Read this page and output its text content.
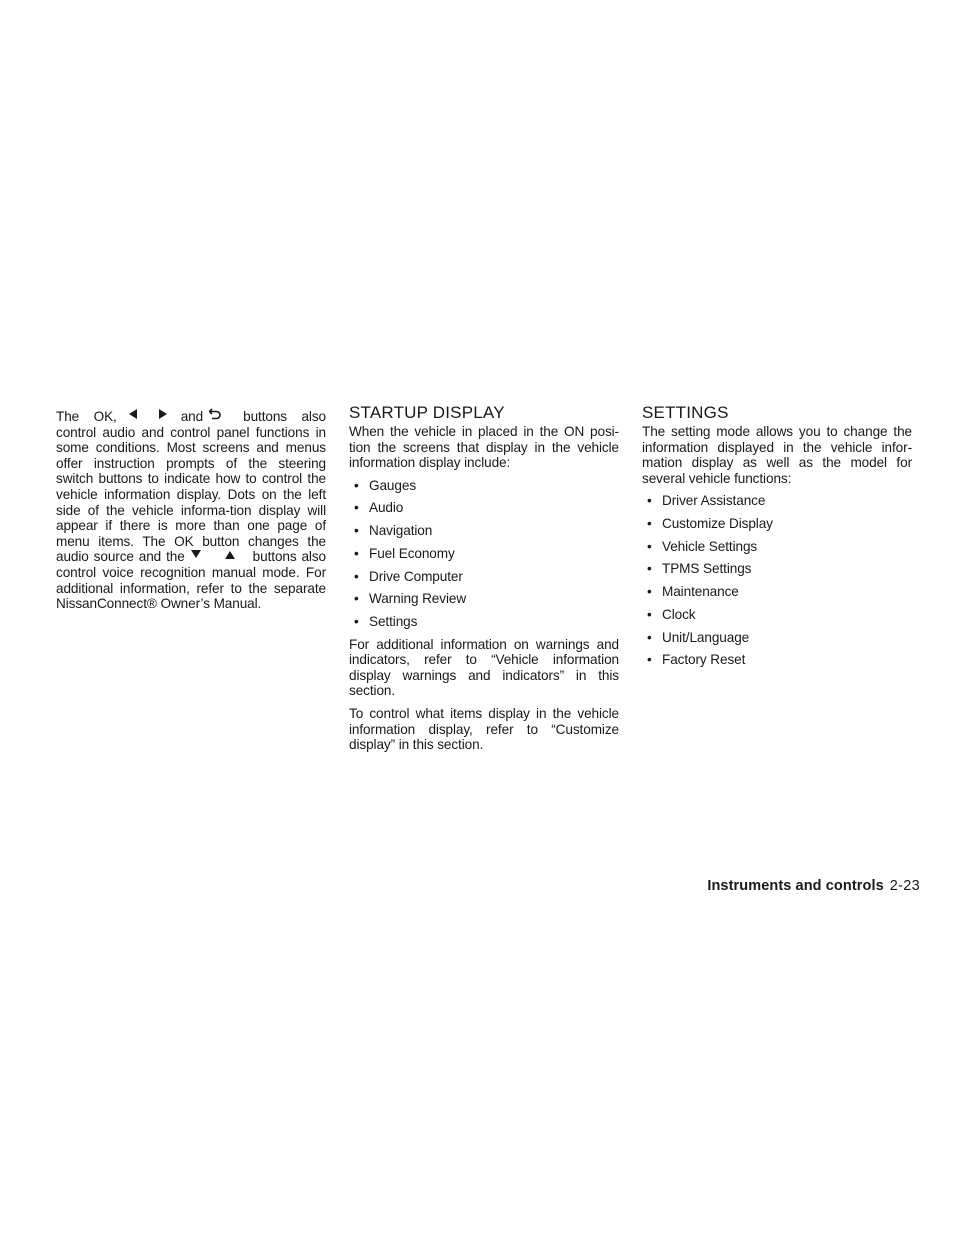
The OK,	and	buttons also control audio and control panel functions in some conditions. Most screens and menus offer instruction prompts of the steering switch buttons to indicate how to control the vehicle information display. Dots on the left side of the vehicle informa-tion display will appear if there is more than one page of menu items. The OK button changes the audio source and the	buttons also control voice recognition manual mode. For additional information, refer to the separate NissanConnect® Owner’s Manual.

STARTUP DISPLAY

When the vehicle in placed in the ON posi-tion the screens that display in the vehicle information display include:

• Gauges
• Audio
• Navigation
• Fuel Economy
• Drive Computer
• Warning Review
• Settings

For additional information on warnings and indicators, refer to “Vehicle information display warnings and indicators” in this section.

To control what items display in the vehicle information display, refer to “Customize display” in this section.

SETTINGS

The setting mode allows you to change the information displayed in the vehicle infor-mation display as well as the model for several vehicle functions:

• Driver Assistance
• Customize Display
• Vehicle Settings
• TPMS Settings
• Maintenance
• Clock
• Unit/Language
• Factory Reset
Instruments and controls 2-23
